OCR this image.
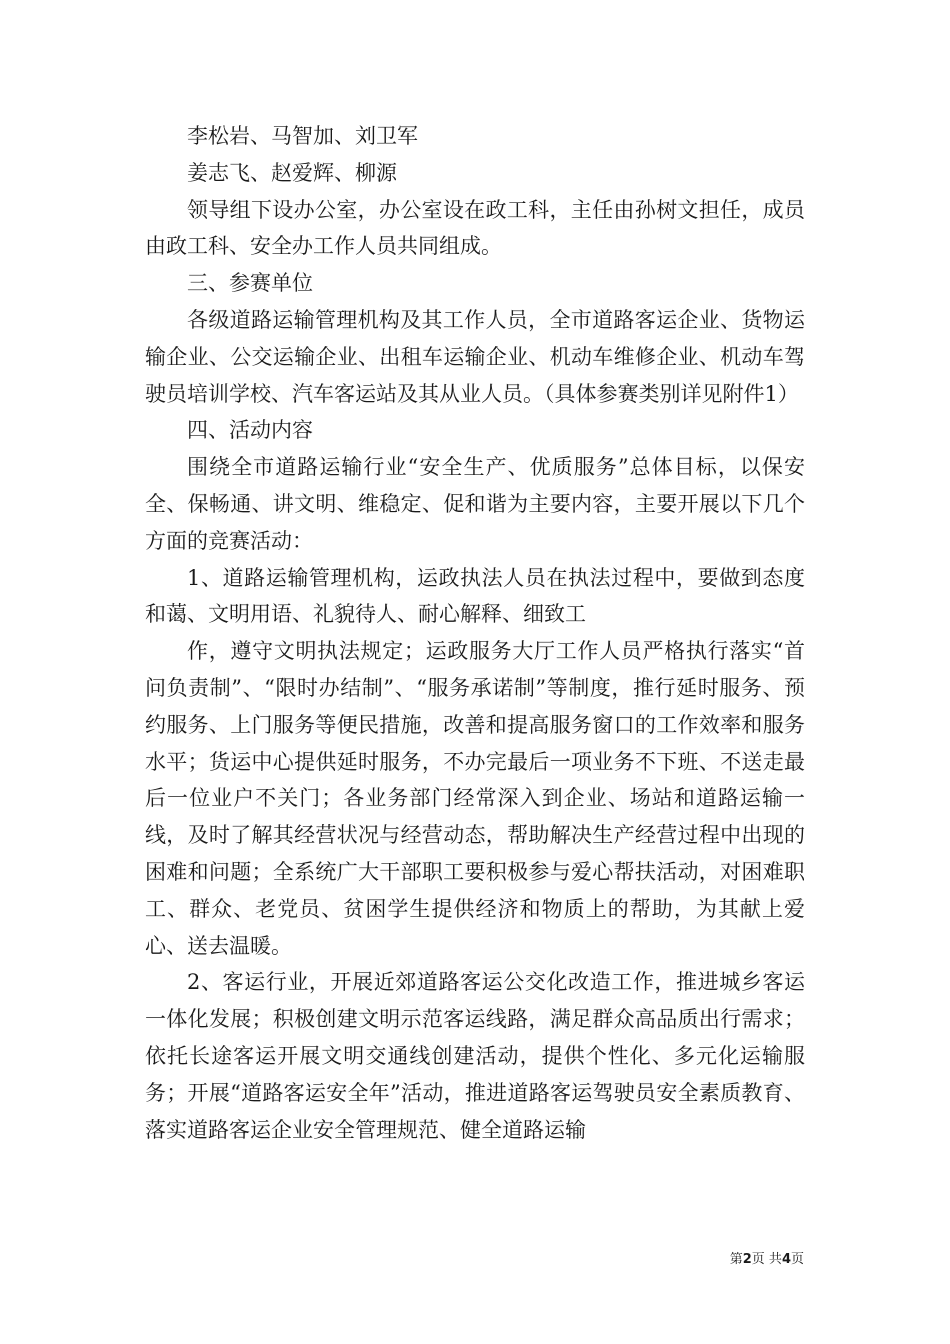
李松岩、马智加、刘卫军

姜志飞、赵爱辉、柳源

领导组下设办公室，办公室设在政工科，主任由孙树文担任，成员由政工科、安全办工作人员共同组成。

三、参赛单位

各级道路运输管理机构及其工作人员，全市道路客运企业、货物运输企业、公交运输企业、出租车运输企业、机动车维修企业、机动车驾驶员培训学校、汽车客运站及其从业人员。（具体参赛类别详见附件1）

四、活动内容

围绕全市道路运输行业“安全生产、优质服务”总体目标，以保安全、保畅通、讲文明、维稳定、促和谐为主要内容，主要开展以下几个方面的竞赛活动：

1、道路运输管理机构，运政执法人员在执法过程中，要做到态度和蔼、文明用语、礼貌待人、耐心解释、细致工

作，遵守文明执法规定；运政服务大厅工作人员严格执行落实“首问负责制”、“限时办结制”、“服务承诺制”等制度，推行延时服务、预约服务、上门服务等便民措施，改善和提高服务窗口的工作效率和服务水平；货运中心提供延时服务，不办完最后一项业务不下班、不送走最后一位业户不关门；各业务部门经常深入到企业、场站和道路运输一线，及时了解其经营状况与经营动态，帮助解决生产经营过程中出现的困难和问题；全系统广大干部职工要积极参与爱心帮扶活动，对困难职工、群众、老党员、贫困学生提供经济和物质上的帮助，为其献上爱心、送去温暖。

2、客运行业，开展近郊道路客运公交化改造工作，推进城乡客运一体化发展；积极创建文明示范客运线路，满足群众高品质出行需求；依托长途客运开展文明交通线创建活动，提供个性化、多元化运输服务；开展“道路客运安全年”活动，推进道路客运驾驶员安全素质教育、落实道路客运企业安全管理规范、健全道路运输

第2页 共4页
